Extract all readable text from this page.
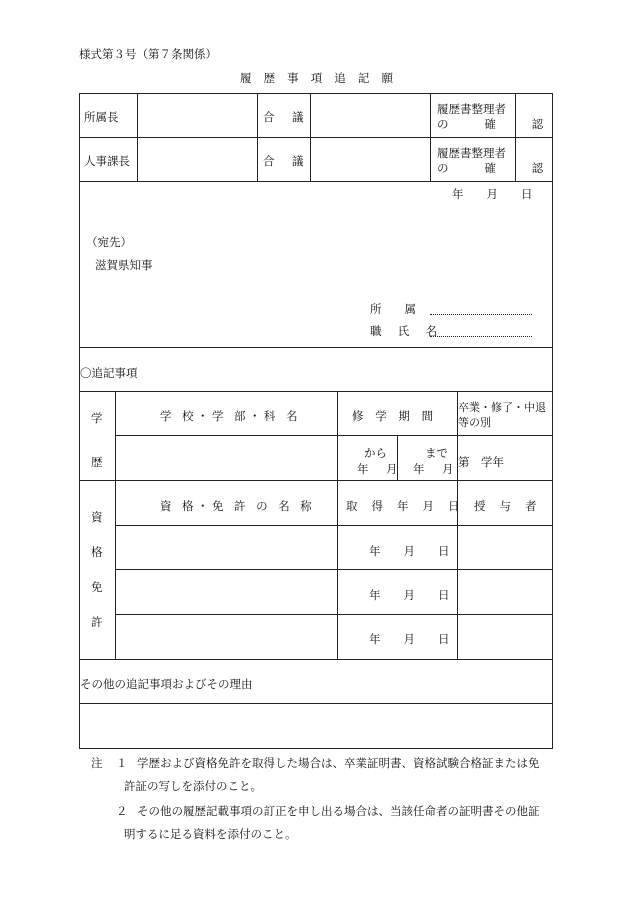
様式第３号（第７条関係）
履歴事項追記願
所属長
人事課長
合 議
合 議
履歴書整理者
の 確 認
履歴書整理者
の 確 認
年　　月　　日
（宛先）
滋賀県知事
所　　属
職 氏 名
〇追記事項
学
歴
学 校・学 部・科 名	修 学 期 間
卒業・修了・中退等の別
から
年 月
まで
年 月
第　学年
資
格
免
許
資 格・免 許 の 名 称	取 得 年 月 日 授 与 者
年　　月　　日
年　　月　　日
年　　月　　日
その他の追記事項およびその理由
注 １ 学歴および資格免許を取得した場合は、卒業証明書、資格試験合格証または免
許証の写しを添付のこと。
２ その他の履歴記載事項の訂正を申し出る場合は、当該任命者の証明書その他証
明するに足る資料を添付のこと。
